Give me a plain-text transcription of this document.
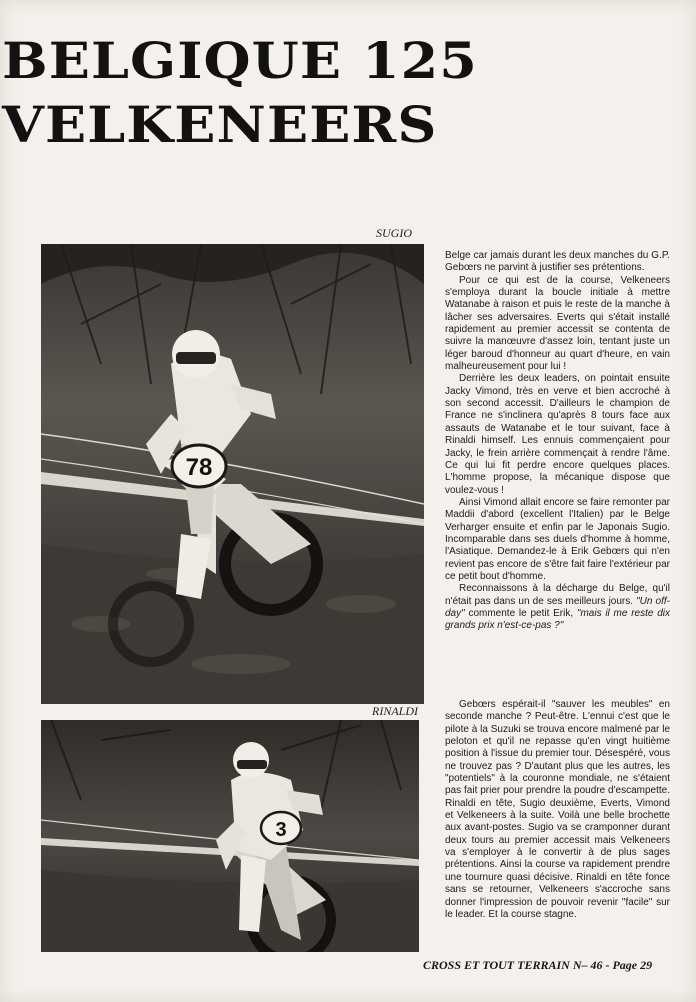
BELGIQUE 125
VELKENEERS
SUGIO
78
RINALDI
3

Belge car jamais durant les deux manches du G.P. Gebœrs ne parvint à justifier ses prétentions.

Pour ce qui est de la course, Velkeneers s'employa durant la boucle initiale à mettre Watanabe à raison et puis le reste de la manche à lâcher ses adversaires. Everts qui s'était installé rapidement au premier accessit se contenta de suivre la manœuvre d'assez loin, tentant juste un léger baroud d'honneur au quart d'heure, en vain malheureusement pour lui !

Derrière les deux leaders, on pointait ensuite Jacky Vimond, très en verve et bien accroché à son second accessit. D'ailleurs le champion de France ne s'inclinera qu'après 8 tours face aux assauts de Watanabe et le tour suivant, face à Rinaldi himself. Les ennuis commençaient pour Jacky, le frein arrière commençait à rendre l'âme. Ce qui lui fit perdre encore quelques places. L'homme propose, la mécanique dispose que voulez-vous !

Ainsi Vimond allait encore se faire remonter par Maddii d'abord (excellent l'Italien) par le Belge Verharger ensuite et enfin par le Japonais Sugio. Incomparable dans ses duels d'homme à homme, l'Asiatique. Demandez-le à Erik Gebœrs qui n'en revient pas encore de s'être fait faire l'extérieur par ce petit bout d'homme.

Reconnaissons à la décharge du Belge, qu'il n'était pas dans un de ses meilleurs jours. "Un off-day" commente le petit Erik, "mais il me reste dix grands prix n'est-ce-pas ?"

Gebœrs espérait-il "sauver les meubles" en seconde manche ? Peut-être. L'ennui c'est que le pilote à la Suzuki se trouva encore malmené par le peloton et qu'il ne repasse qu'en vingt huitième position à l'issue du premier tour. Désespéré, vous ne trouvez pas ? D'autant plus que les autres, les "potentiels" à la couronne mondiale, ne s'étaient pas fait prier pour prendre la poudre d'escampette. Rinaldi en tête, Sugio deuxième, Everts, Vimond et Velkeneers à la suite. Voilà une belle brochette aux avant-postes. Sugio va se cramponner durant deux tours au premier accessit mais Velkeneers va s'employer à le convertir à de plus sages prétentions. Ainsi la course va rapidement prendre une tournure quasi décisive. Rinaldi en tête fonce sans se retourner, Velkeneers s'accroche sans donner l'impression de pouvoir revenir "facile" sur le leader. Et la course stagne.

CROSS ET TOUT TERRAIN N– 46 - Page 29
